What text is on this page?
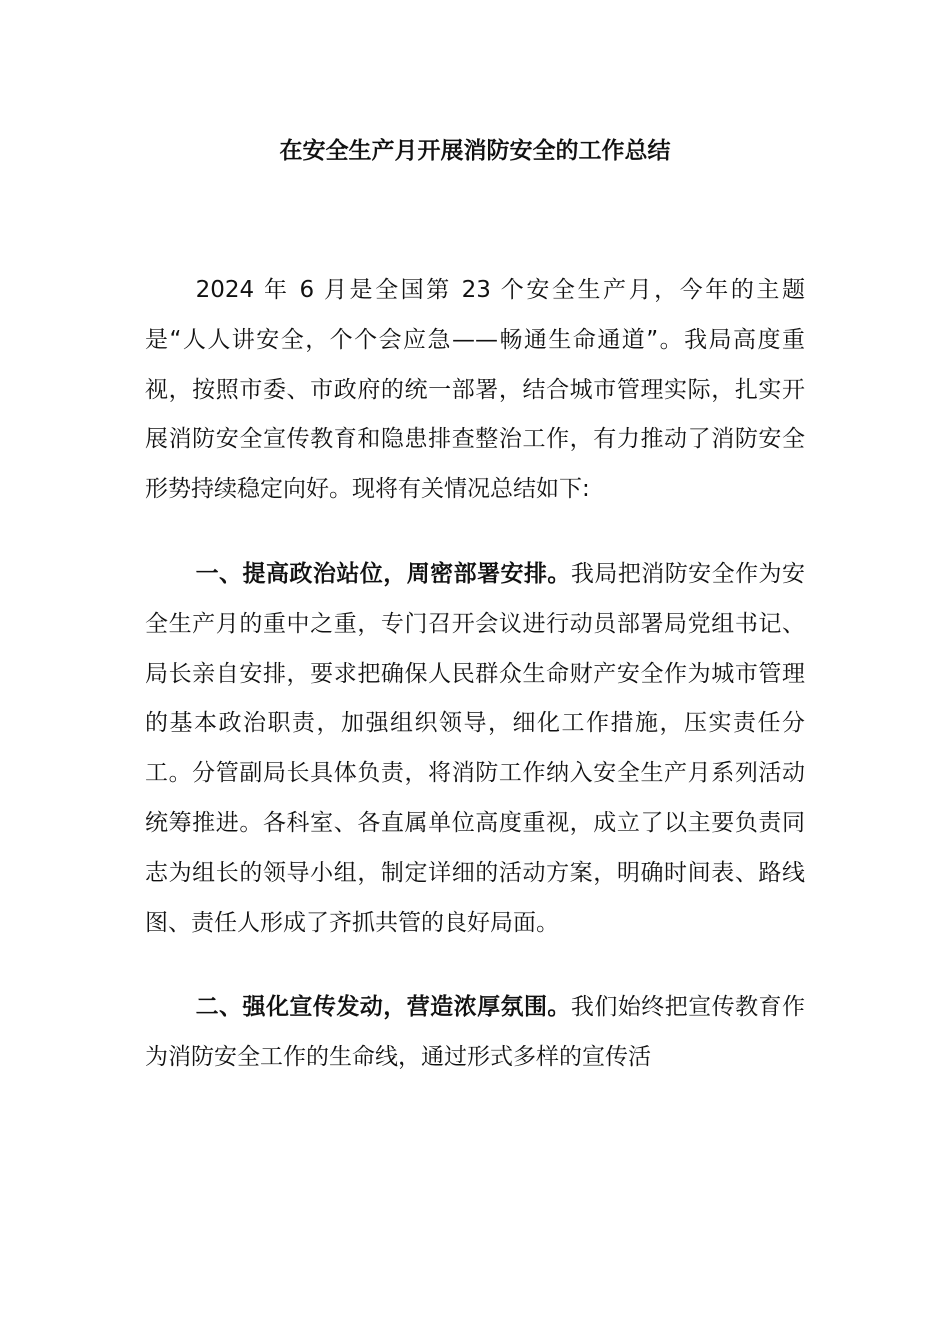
在安全生产月开展消防安全的工作总结

2024 年 6 月是全国第 23 个安全生产月，今年的主题是“人人讲安全，个个会应急——畅通生命通道”。我局高度重视，按照市委、市政府的统一部署，结合城市管理实际，扎实开展消防安全宣传教育和隐患排查整治工作，有力推动了消防安全形势持续稳定向好。现将有关情况总结如下:

一、提高政治站位，周密部署安排。我局把消防安全作为安全生产月的重中之重，专门召开会议进行动员部署局党组书记、局长亲自安排，要求把确保人民群众生命财产安全作为城市管理的基本政治职责，加强组织领导，细化工作措施，压实责任分工。分管副局长具体负责，将消防工作纳入安全生产月系列活动统筹推进。各科室、各直属单位高度重视，成立了以主要负责同志为组长的领导小组，制定详细的活动方案，明确时间表、路线图、责任人形成了齐抓共管的良好局面。

二、强化宣传发动，营造浓厚氛围。我们始终把宣传教育作为消防安全工作的生命线，通过形式多样的宣传活
